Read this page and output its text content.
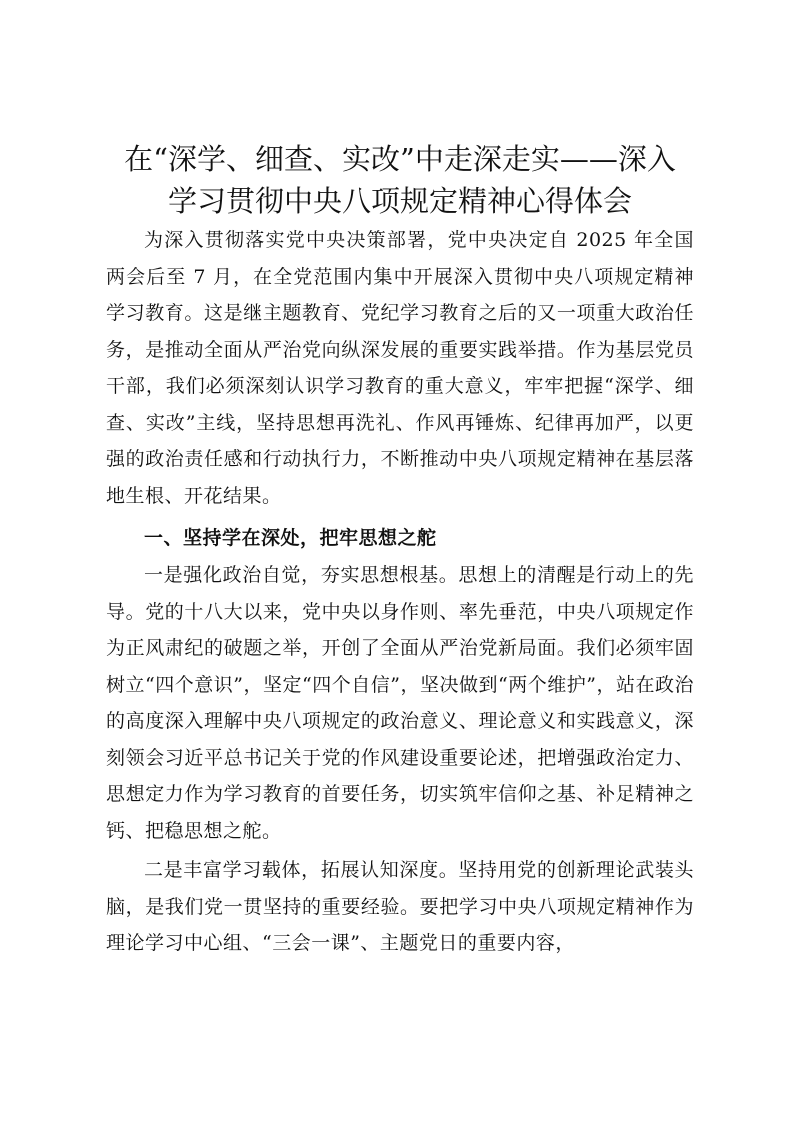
在“深学、细查、实改”中走深走实——深入
学习贯彻中央八项规定精神心得体会

为深入贯彻落实党中央决策部署，党中央决定自 2025 年全国两会后至 7 月，在全党范围内集中开展深入贯彻中央八项规定精神学习教育。这是继主题教育、党纪学习教育之后的又一项重大政治任务，是推动全面从严治党向纵深发展的重要实践举措。作为基层党员干部，我们必须深刻认识学习教育的重大意义，牢牢把握“深学、细查、实改”主线，坚持思想再洗礼、作风再锤炼、纪律再加严，以更强的政治责任感和行动执行力，不断推动中央八项规定精神在基层落地生根、开花结果。

一、坚持学在深处，把牢思想之舵

一是强化政治自觉，夯实思想根基。思想上的清醒是行动上的先导。党的十八大以来，党中央以身作则、率先垂范，中央八项规定作为正风肃纪的破题之举，开创了全面从严治党新局面。我们必须牢固树立“四个意识”，坚定“四个自信”，坚决做到“两个维护”，站在政治的高度深入理解中央八项规定的政治意义、理论意义和实践意义，深刻领会习近平总书记关于党的作风建设重要论述，把增强政治定力、思想定力作为学习教育的首要任务，切实筑牢信仰之基、补足精神之钙、把稳思想之舵。

二是丰富学习载体，拓展认知深度。坚持用党的创新理论武装头脑，是我们党一贯坚持的重要经验。要把学习中央八项规定精神作为理论学习中心组、“三会一课”、主题党日的重要内容，
